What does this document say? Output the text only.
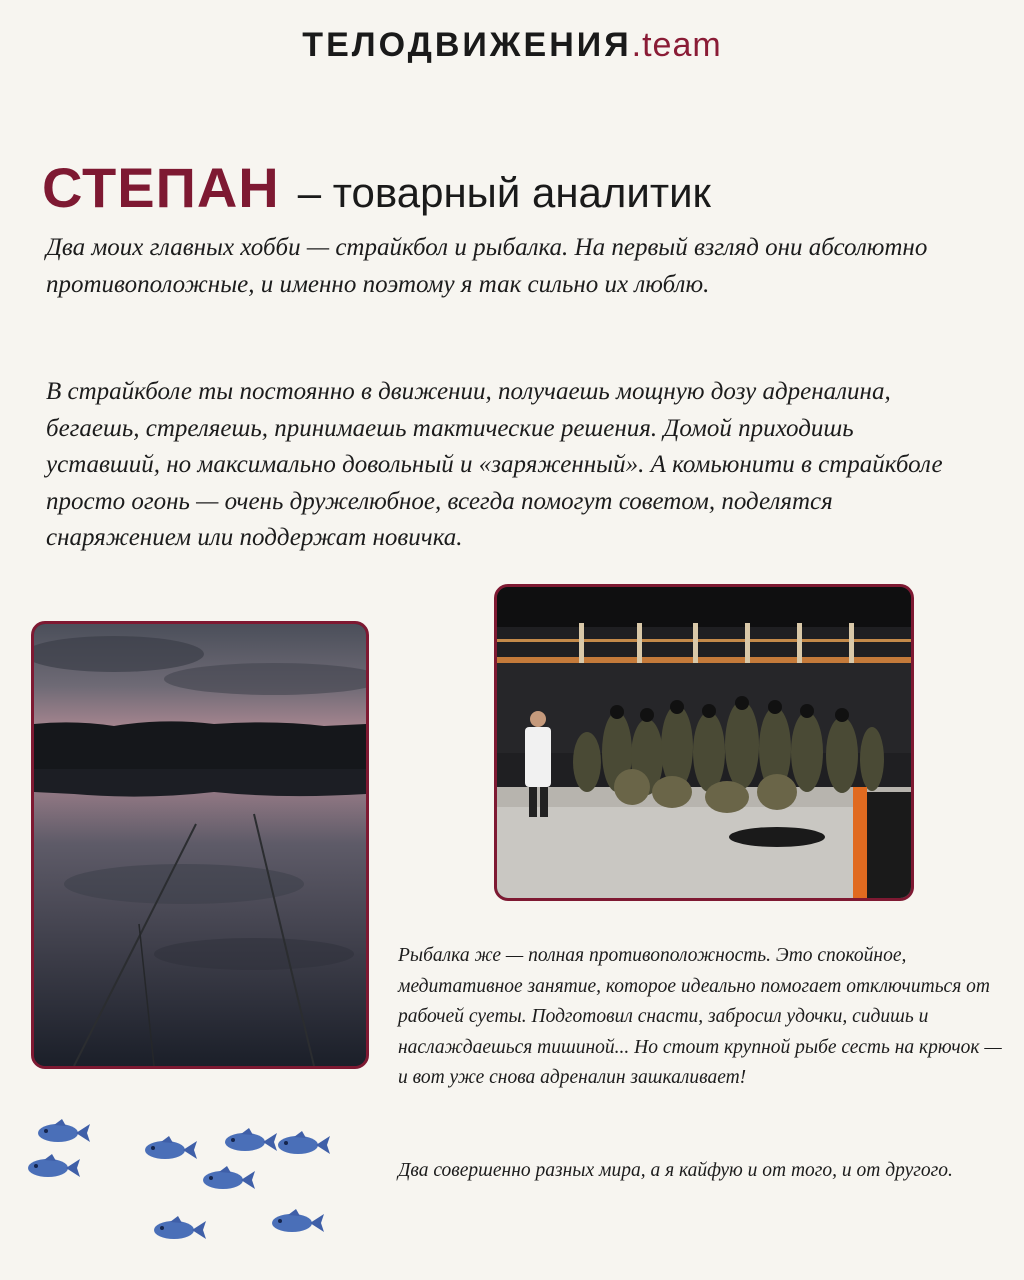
ТЕЛОДВИЖЕНИЯ.team
СТЕПАН – товарный аналитик

Два моих главных хобби — страйкбол и рыбалка. На первый взгляд они абсолютно противоположные, и именно поэтому я так сильно их люблю.

В страйкболе ты постоянно в движении, получаешь мощную дозу адреналина, бегаешь, стреляешь, принимаешь тактические решения. Домой приходишь уставший, но максимально довольный и «заряженный». А комьюнити в страйкболе просто огонь — очень дружелюбное, всегда помогут советом, поделятся снаряжением или поддержат новичка.

Рыбалка же — полная противоположность. Это спокойное, медитативное занятие, которое идеально помогает отключиться от рабочей суеты. Подготовил снасти, забросил удочки, сидишь и наслаждаешься тишиной... Но стоит крупной рыбе сесть на крючок — и вот уже снова адреналин зашкаливает!

Два совершенно разных мира, а я кайфую и от того, и от другого.
